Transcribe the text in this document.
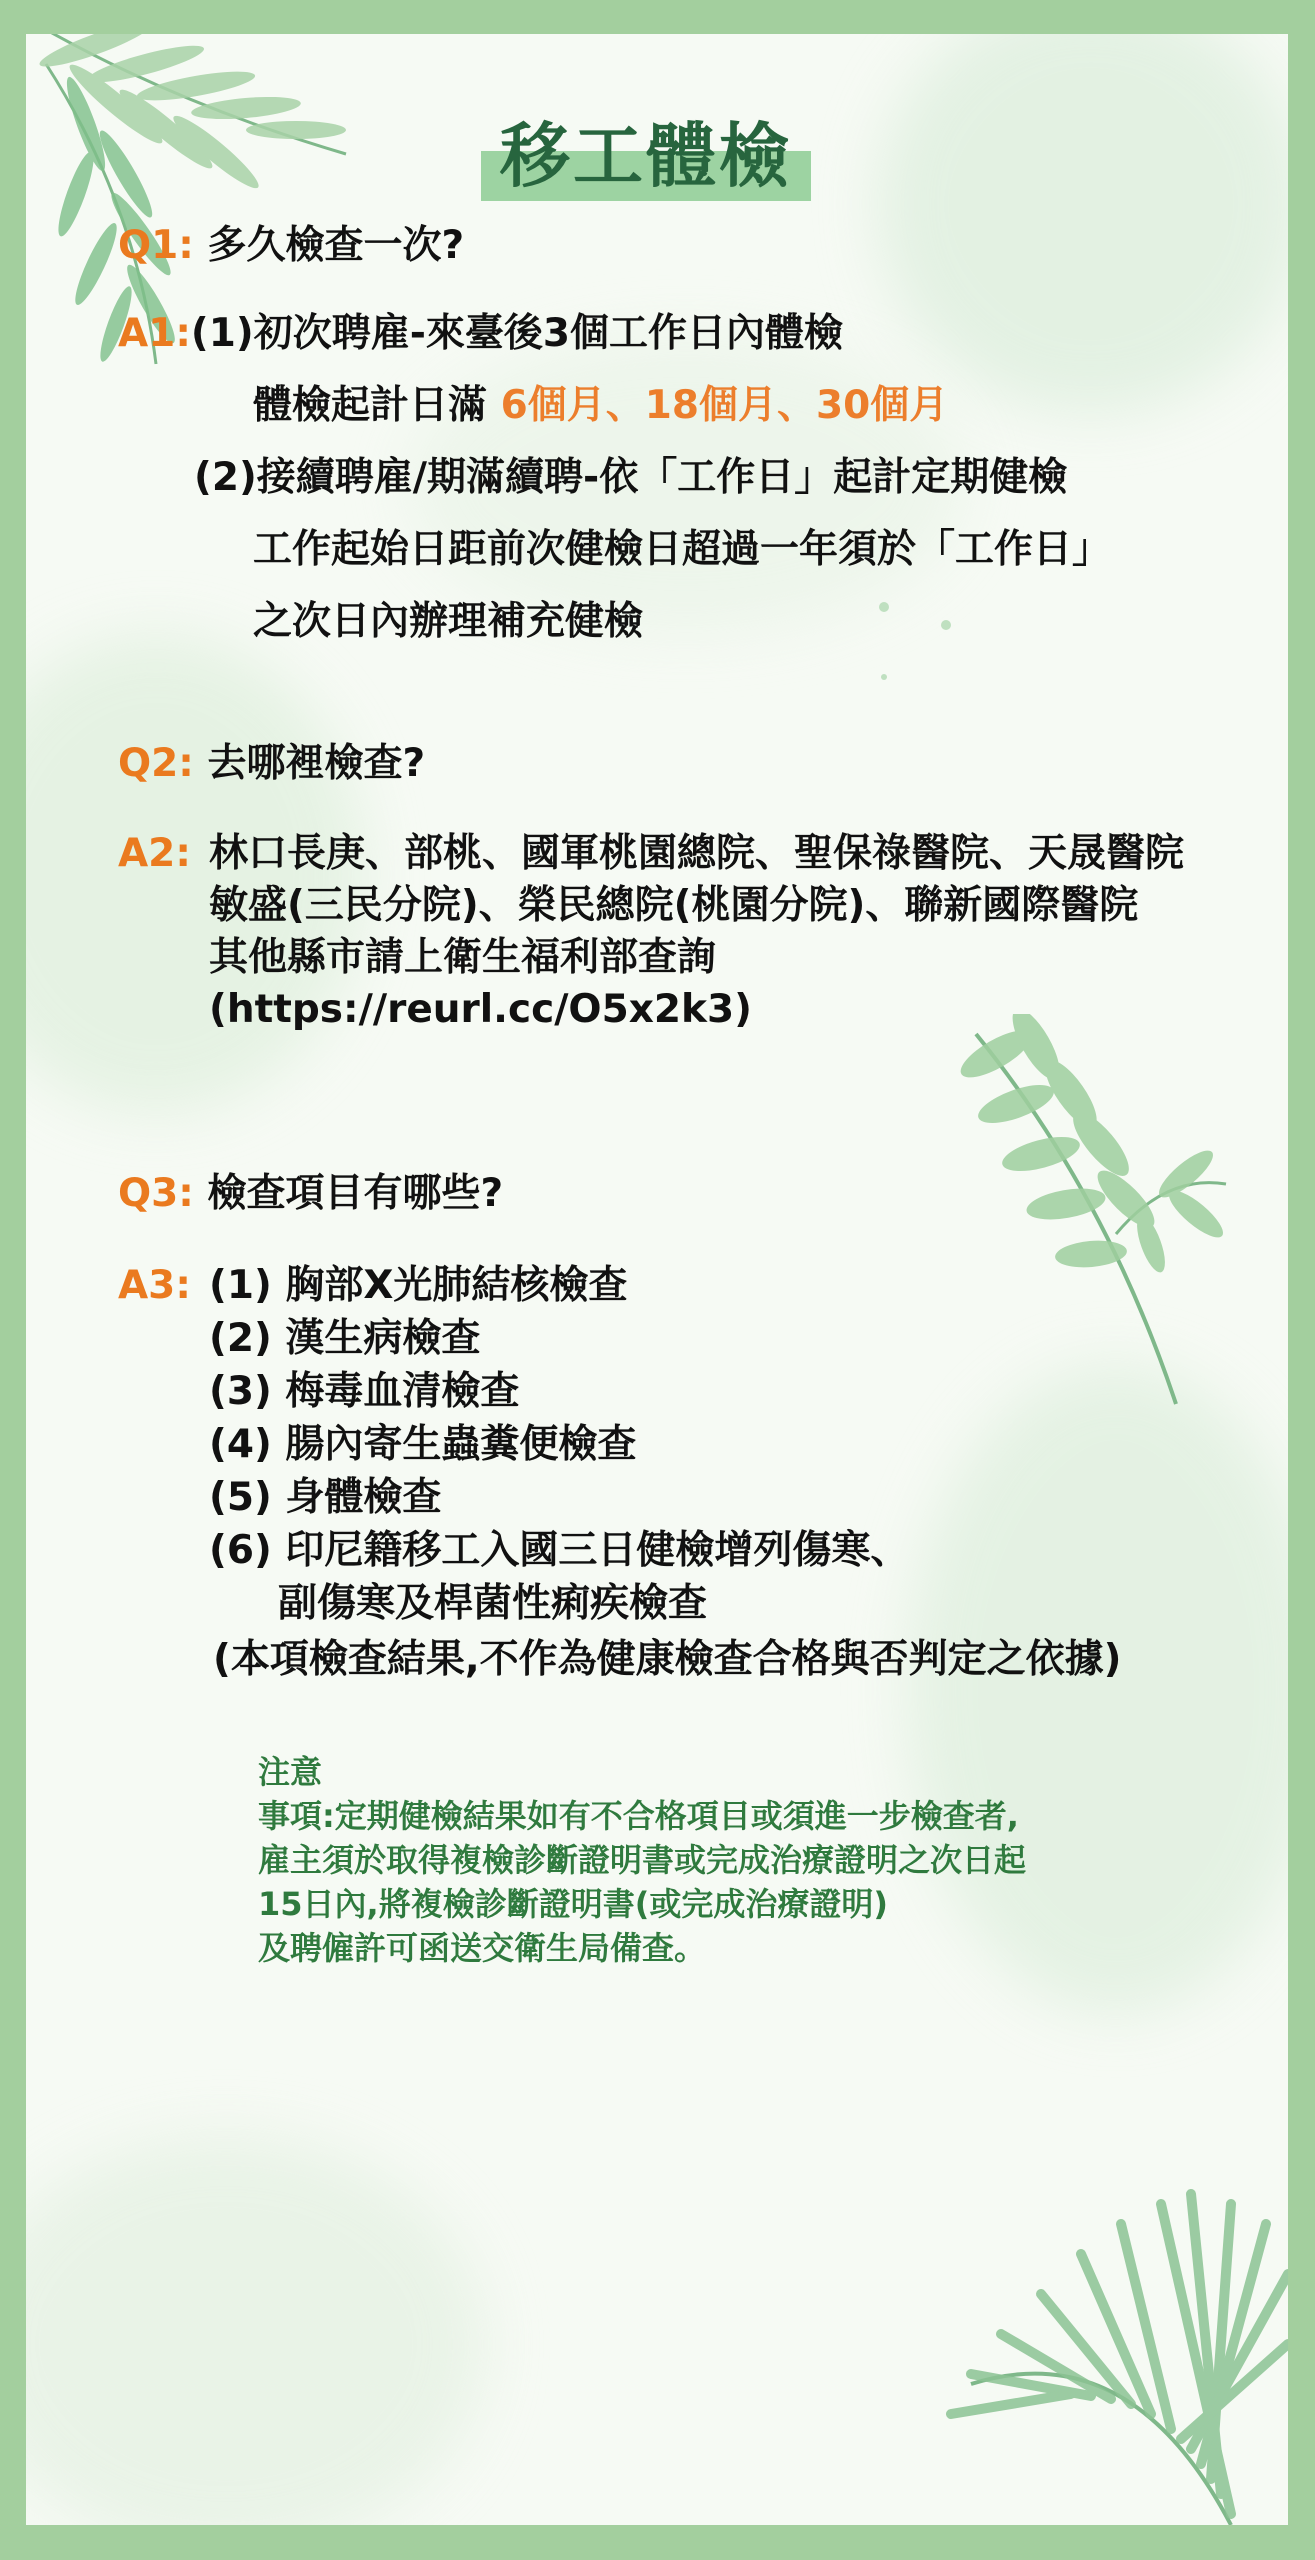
移工體檢
Q1: 多久檢查一次?
A1:(1)初次聘雇-來臺後3個工作日內體檢
體檢起計日滿 6個月、18個月、30個月
(2)接續聘雇/期滿續聘-依「工作日」起計定期健檢
工作起始日距前次健檢日超過一年須於「工作日」
之次日內辦理補充健檢
Q2: 去哪裡檢查?
A2: 林口長庚、部桃、國軍桃園總院、聖保祿醫院、天晟醫院
敏盛(三民分院)、榮民總院(桃園分院)、聯新國際醫院
其他縣市請上衛生福利部查詢
(https://reurl.cc/O5x2k3)
Q3: 檢查項目有哪些?
A3: (1) 胸部X光肺結核檢查
(2) 漢生病檢查
(3) 梅毒血清檢查
(4) 腸內寄生蟲糞便檢查
(5) 身體檢查
(6) 印尼籍移工入國三日健檢增列傷寒、
副傷寒及桿菌性痢疾檢查
(本項檢查結果,不作為健康檢查合格與否判定之依據)
注意
事項:定期健檢結果如有不合格項目或須進一步檢查者,
雇主須於取得複檢診斷證明書或完成治療證明之次日起
15日內,將複檢診斷證明書(或完成治療證明)
及聘僱許可函送交衛生局備查。
